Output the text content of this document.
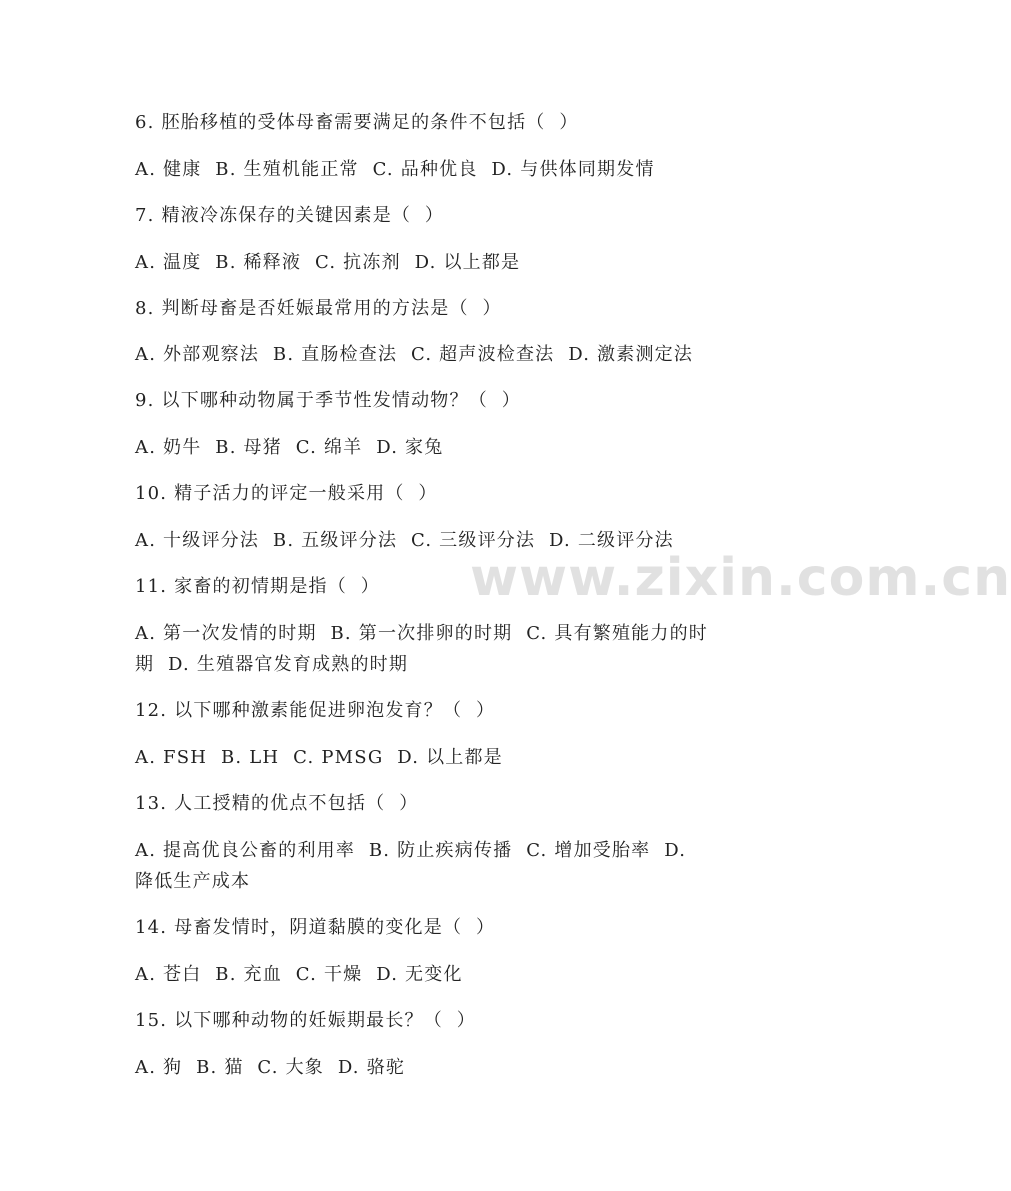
6. 胚胎移植的受体母畜需要满足的条件不包括（  ）
A. 健康  B. 生殖机能正常  C. 品种优良  D. 与供体同期发情
7. 精液冷冻保存的关键因素是（  ）
A. 温度  B. 稀释液  C. 抗冻剂  D. 以上都是
8. 判断母畜是否妊娠最常用的方法是（  ）
A. 外部观察法  B. 直肠检查法  C. 超声波检查法  D. 激素测定法
9. 以下哪种动物属于季节性发情动物？（  ）
A. 奶牛  B. 母猪  C. 绵羊  D. 家兔
10. 精子活力的评定一般采用（  ）
A. 十级评分法  B. 五级评分法  C. 三级评分法  D. 二级评分法
11. 家畜的初情期是指（  ）
A. 第一次发情的时期  B. 第一次排卵的时期  C. 具有繁殖能力的时
期  D. 生殖器官发育成熟的时期
12. 以下哪种激素能促进卵泡发育？（  ）
A. FSH  B. LH  C. PMSG  D. 以上都是
13. 人工授精的优点不包括（  ）
A. 提高优良公畜的利用率  B. 防止疾病传播  C. 增加受胎率  D.
降低生产成本
14. 母畜发情时，阴道黏膜的变化是（  ）
A. 苍白  B. 充血  C. 干燥  D. 无变化
15. 以下哪种动物的妊娠期最长？（  ）
A. 狗  B. 猫  C. 大象  D. 骆驼
www.zixin.com.cn
